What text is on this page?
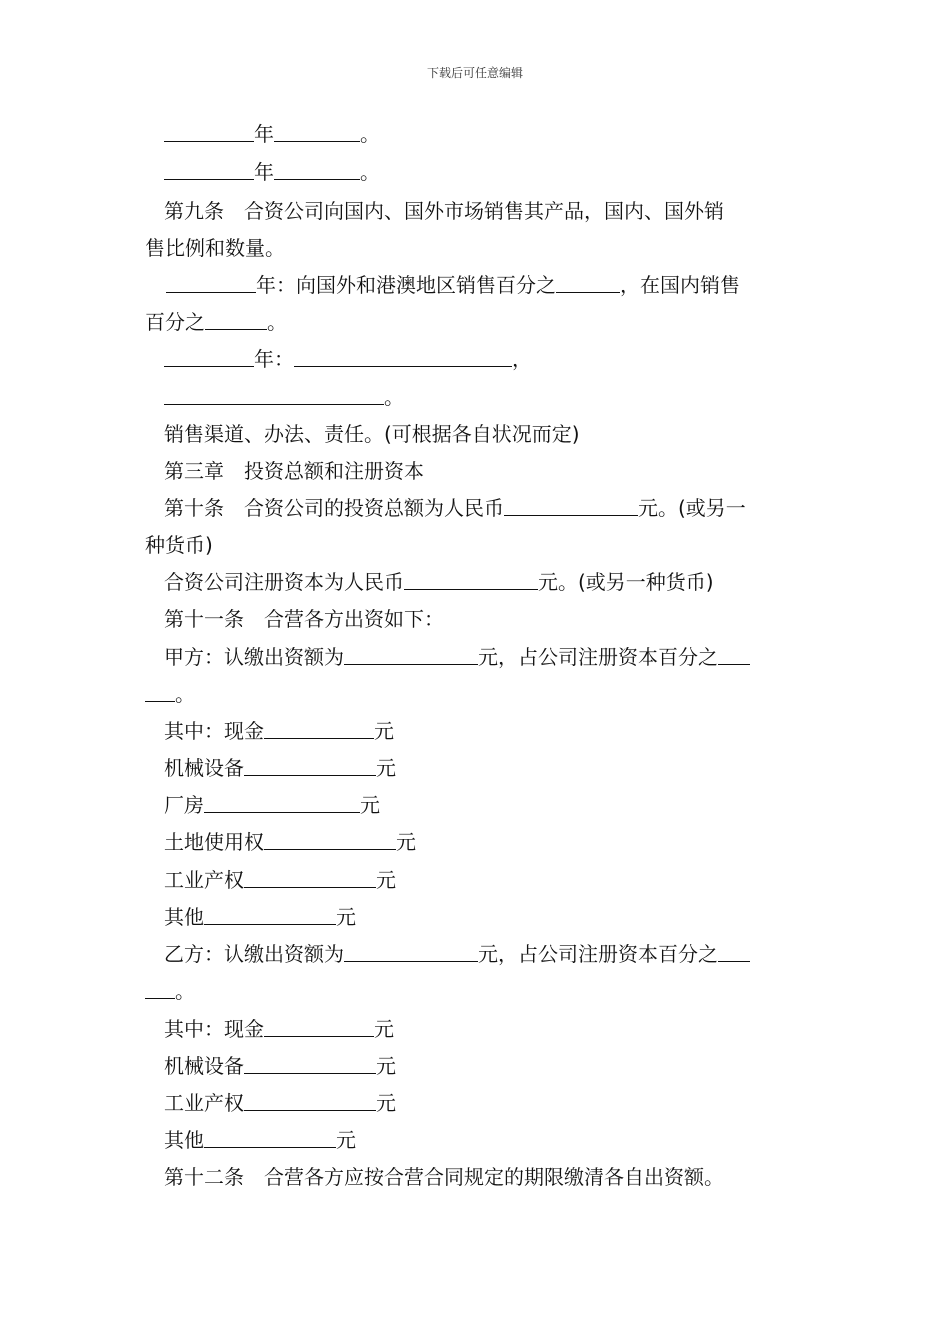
下载后可任意编辑
年	。
年	。
第九条　合资公司向国内、国外市场销售其产品，国内、国外销
售比例和数量。
年：向国外和港澳地区销售百分之	，在国内销售
百分之	。
年：	，
。
销售渠道、办法、责任。(可根据各自状况而定)
第三章　投资总额和注册资本
第十条　合资公司的投资总额为人民币	元。(或另一
种货币)
合资公司注册资本为人民币	元。(或另一种货币)
第十一条　合营各方出资如下：
甲方：认缴出资额为	元，占公司注册资本百分之
。
其中：现金	元
机械设备	元
厂房	元
土地使用权	元
工业产权	元
其他	元
乙方：认缴出资额为	元，占公司注册资本百分之
。
其中：现金	元
机械设备	元
工业产权	元
其他	元
第十二条　合营各方应按合营合同规定的期限缴清各自出资额。
